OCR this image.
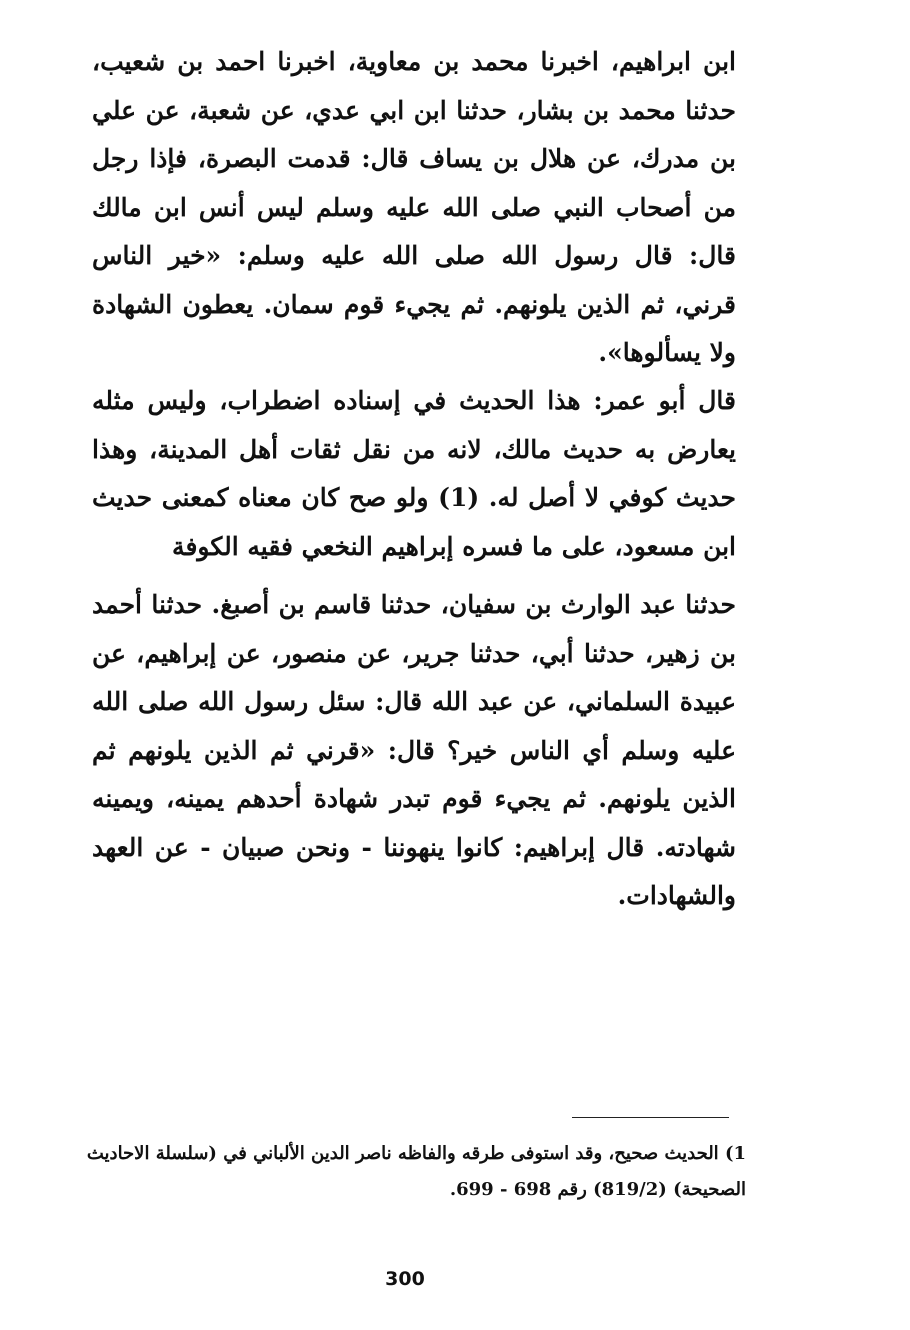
ابن ابراهيم، اخبرنا محمد بن معاوية، اخبرنا احمد بن شعيب، حدثنا محمد بن بشار، حدثنا ابن ابي عدي، عن شعبة، عن علي بن مدرك، عن هلال بن يساف قال: قدمت البصرة، فإذا رجل من أصحاب النبي صلى الله عليه وسلم ليس أنس ابن مالك قال: قال رسول الله صلى الله عليه وسلم: «خير الناس قرني، ثم الذين يلونهم. ثم يجيء قوم سمان. يعطون الشهادة ولا يسألوها».

قال أبو عمر: هذا الحديث في إسناده اضطراب، وليس مثله يعارض به حديث مالك، لانه من نقل ثقات أهل المدينة، وهذا حديث كوفي لا أصل له. (1) ولو صح كان معناه كمعنى حديث ابن مسعود، على ما فسره إبراهيم النخعي فقيه الكوفة

حدثنا عبد الوارث بن سفيان، حدثنا قاسم بن أصبغ. حدثنا أحمد بن زهير، حدثنا أبي، حدثنا جرير، عن منصور، عن إبراهيم، عن عبيدة السلماني، عن عبد الله قال: سئل رسول الله صلى الله عليه وسلم أي الناس خير؟ قال: «قرني ثم الذين يلونهم ثم الذين يلونهم. ثم يجيء قوم تبدر شهادة أحدهم يمينه، ويمينه شهادته. قال إبراهيم: كانوا ينهوننا - ونحن صبيان - عن العهد والشهادات.

1) الحديث صحيح، وقد استوفى طرقه والفاظه ناصر الدين الألباني في (سلسلة الاحاديث الصحيحة) (819/2) رقم 698 - 699.

300
